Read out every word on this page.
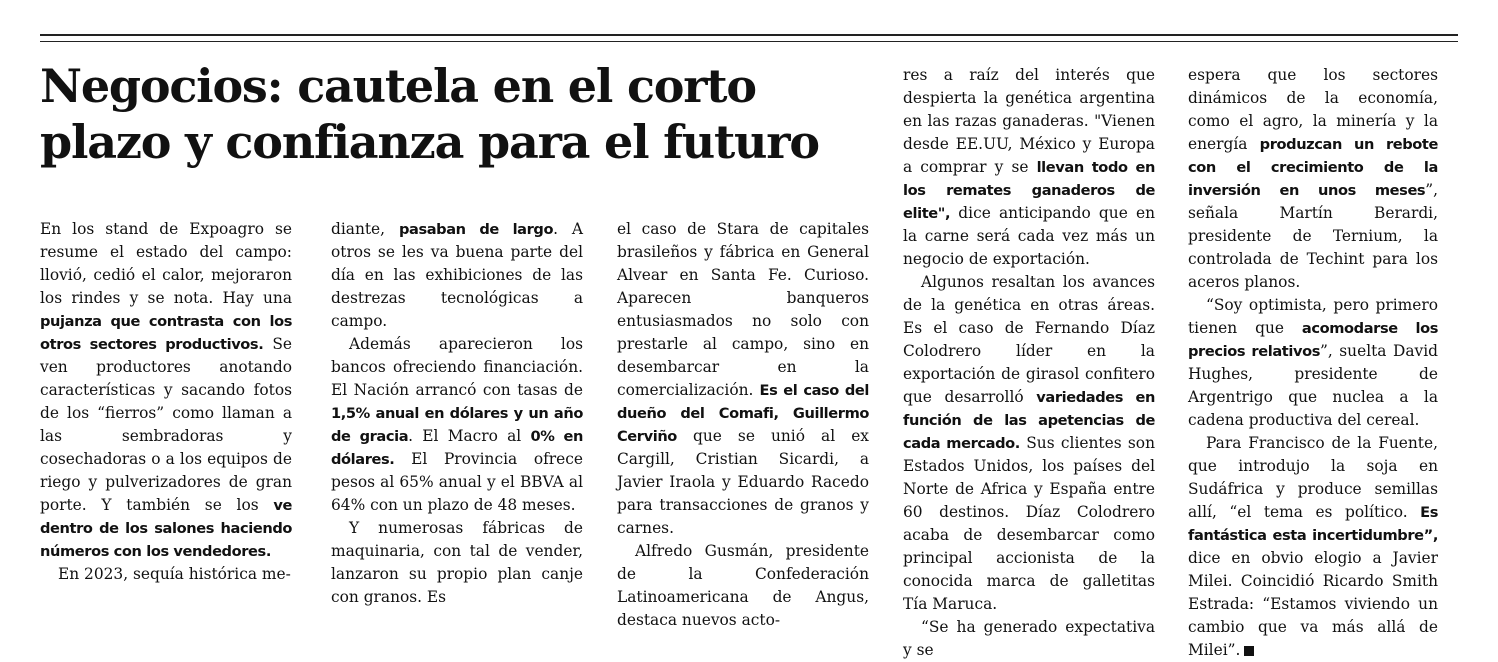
Negocios: cautela en el corto plazo y confianza para el futuro

En los stand de Expoagro se resume el estado del campo: llovió, cedió el calor, mejoraron los rindes y se nota. Hay una pujanza que contrasta con los otros sectores productivos. Se ven productores anotando características y sacando fotos de los “fierros” como llaman a las sembradoras y cosechadoras o a los equipos de riego y pulverizadores de gran porte. Y también se los ve dentro de los salones haciendo números con los vendedores.

En 2023, sequía histórica me-

diante, pasaban de largo. A otros se les va buena parte del día en las exhibiciones de las destrezas tecnológicas a campo.

Además aparecieron los bancos ofreciendo financiación. El Nación arrancó con tasas de 1,5% anual en dólares y un año de gracia. El Macro al 0% en dólares. El Provincia ofrece pesos al 65% anual y el BBVA al 64% con un plazo de 48 meses.

Y numerosas fábricas de maquinaria, con tal de vender, lanzaron su propio plan canje con granos. Es

el caso de Stara de capitales brasileños y fábrica en General Alvear en Santa Fe. Curioso. Aparecen banqueros entusiasmados no solo con prestarle al campo, sino en desembarcar en la comercialización. Es el caso del dueño del Comafi, Guillermo Cerviño que se unió al ex Cargill, Cristian Sicardi, a Javier Iraola y Eduardo Racedo para transacciones de granos y carnes.

Alfredo Gusmán, presidente de la Confederación Latinoamericana de Angus, destaca nuevos acto-

res a raíz del interés que despierta la genética argentina en las razas ganaderas. "Vienen desde EE.UU, México y Europa a comprar y se llevan todo en los remates ganaderos de elite", dice anticipando que en la carne será cada vez más un negocio de exportación.

Algunos resaltan los avances de la genética en otras áreas. Es el caso de Fernando Díaz Colodrero líder en la exportación de girasol confitero que desarrolló variedades en función de las apetencias de cada mercado. Sus clientes son Estados Unidos, los países del Norte de Africa y España entre 60 destinos. Díaz Colodrero acaba de desembarcar como principal accionista de la conocida marca de galletitas Tía Maruca.

“Se ha generado expectativa y se

espera que los sectores dinámicos de la economía, como el agro, la minería y la energía produzcan un rebote con el crecimiento de la inversión en unos meses”, señala Martín Berardi, presidente de Ternium, la controlada de Techint para los aceros planos.

“Soy optimista, pero primero tienen que acomodarse los precios relativos”, suelta David Hughes, presidente de Argentrigo que nuclea a la cadena productiva del cereal.

Para Francisco de la Fuente, que introdujo la soja en Sudáfrica y produce semillas allí, “el tema es político. Es fantástica esta incertidumbre”, dice en obvio elogio a Javier Milei. Coincidió Ricardo Smith Estrada: “Estamos viviendo un cambio que va más allá de Milei”.
